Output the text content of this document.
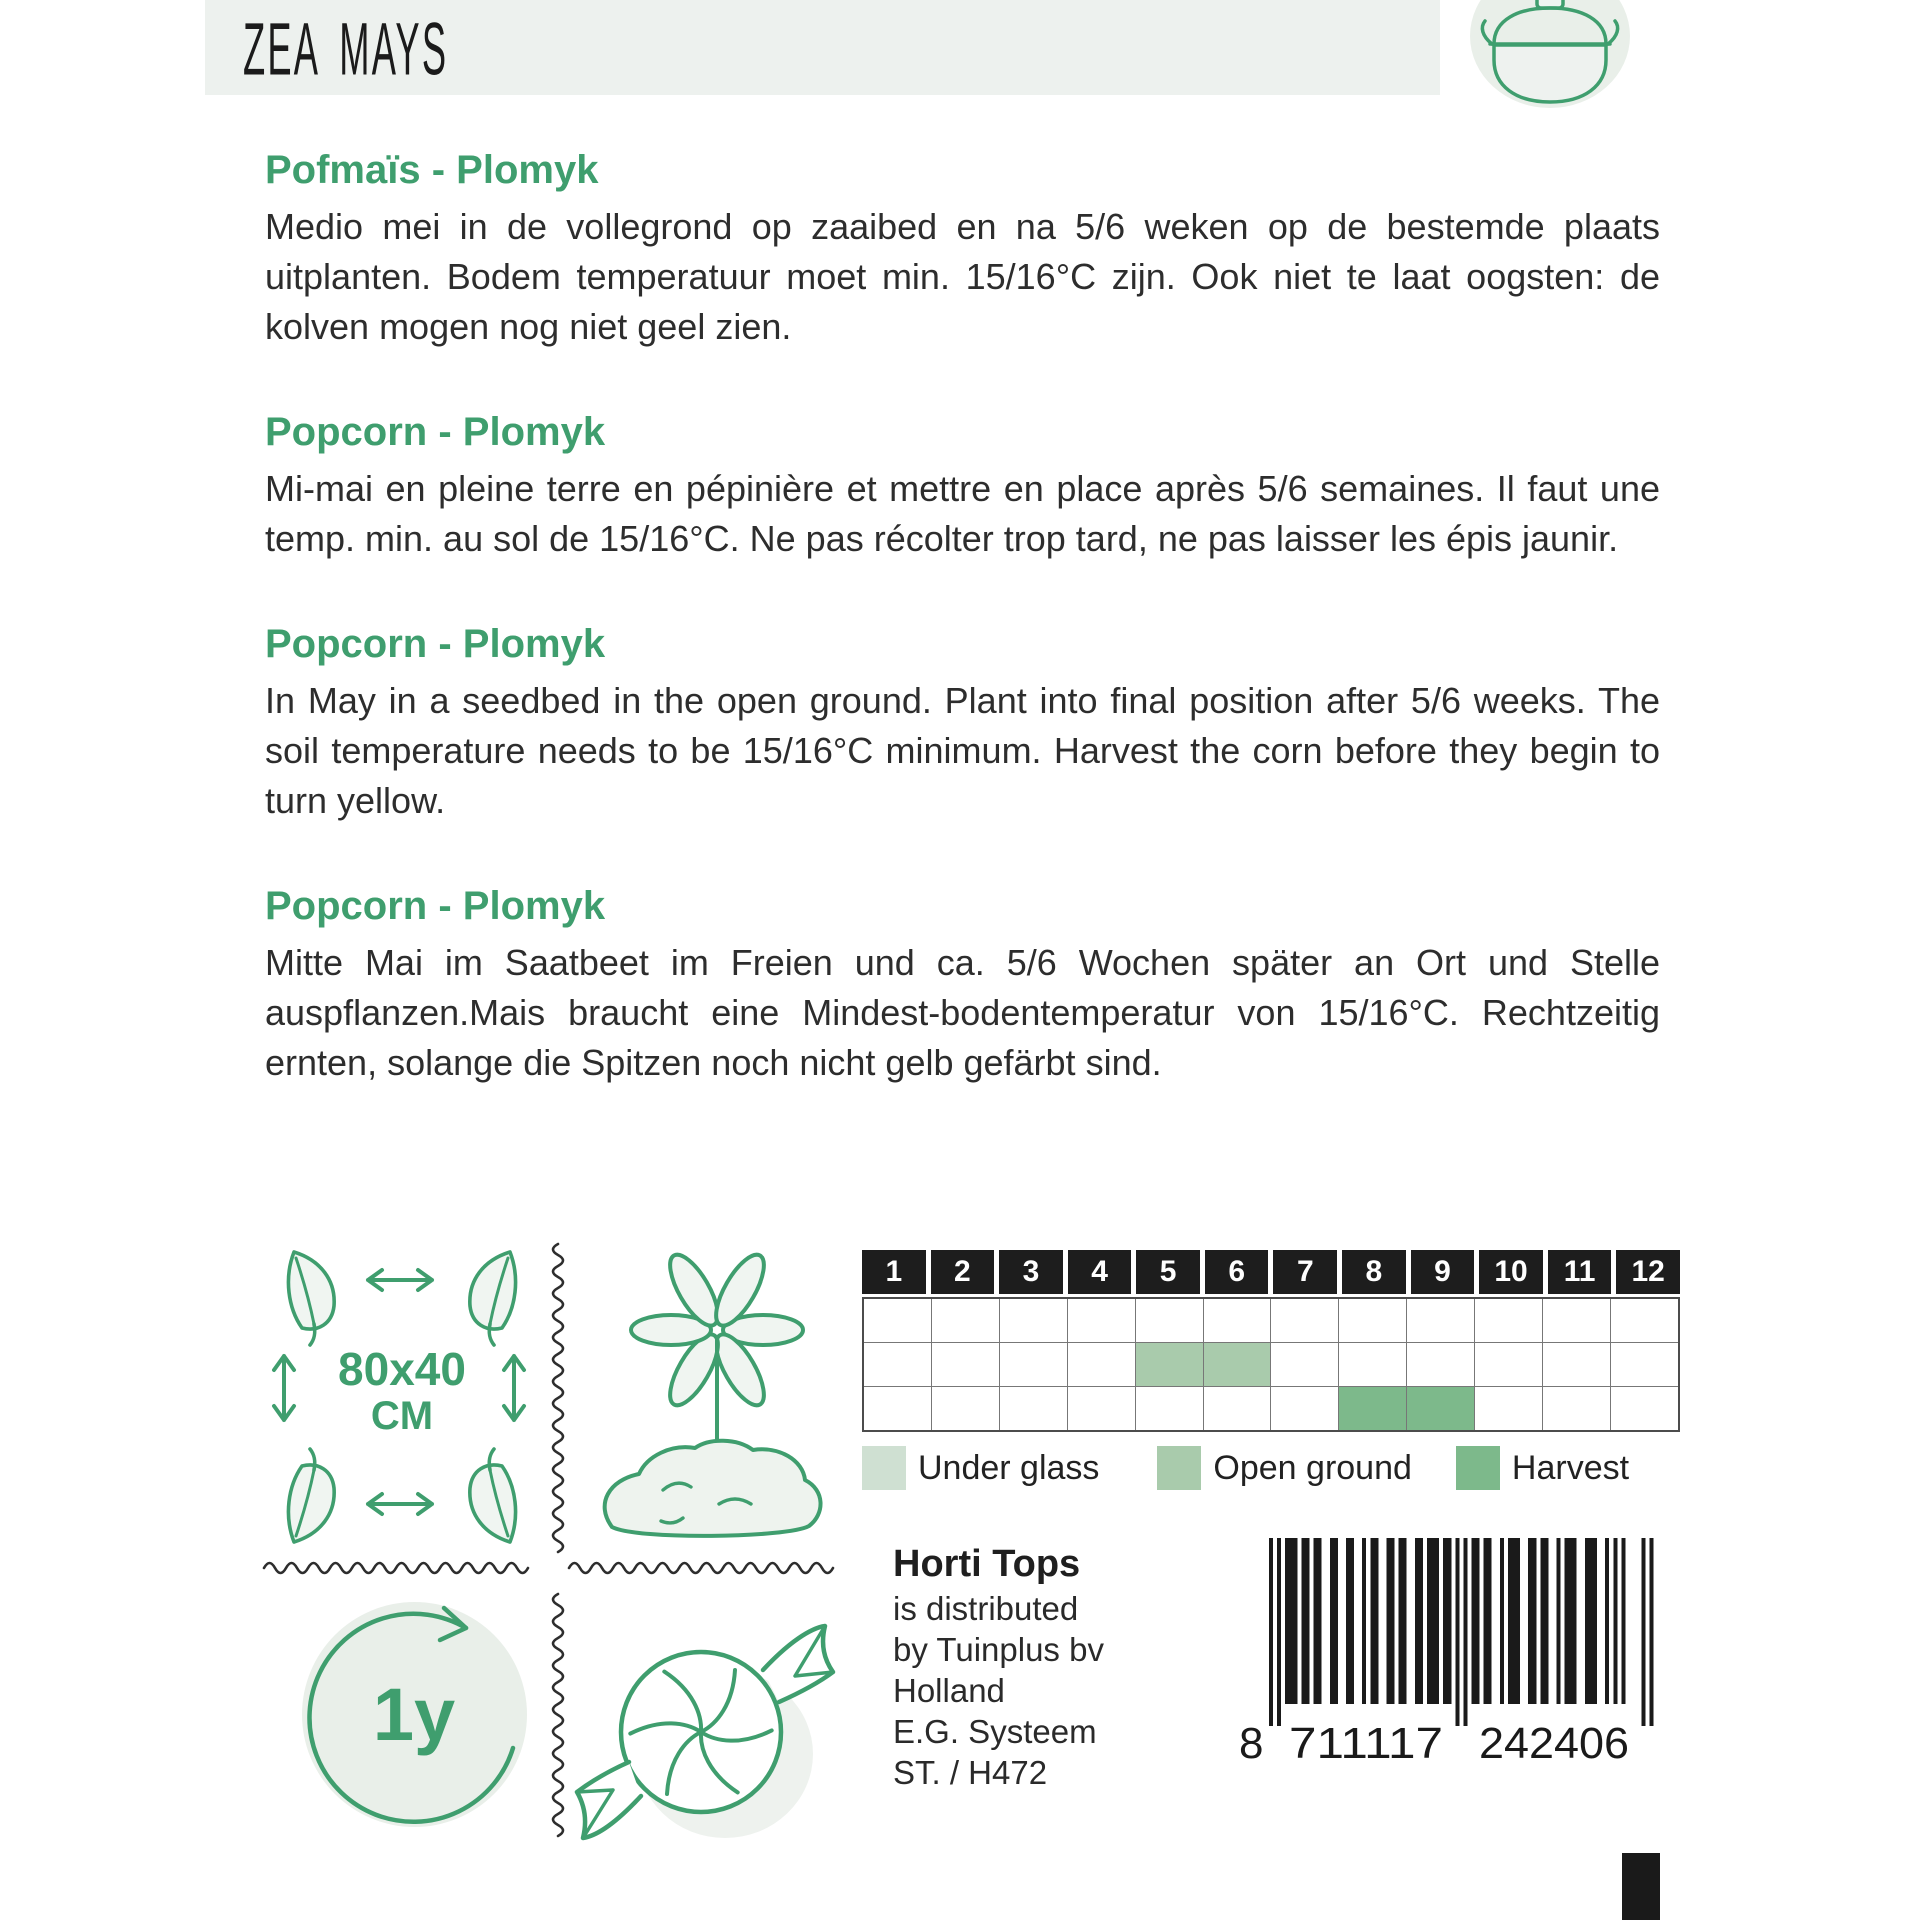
ZEA MAYS
Pofmaïs - Plomyk

Medio mei in de vollegrond op zaaibed en na 5/6 weken op de bestemde plaats uitplanten. Bodem temperatuur moet min. 15/16°C zijn. Ook niet te laat oogsten: de kolven mogen nog niet geel zien.

Popcorn - Plomyk

Mi-mai en pleine terre en pépinière et mettre en place après 5/6 semaines. Il faut une temp. min. au sol de 15/16°C. Ne pas récolter trop tard, ne pas laisser les épis jaunir.

Popcorn - Plomyk

In May in a seedbed in the open ground. Plant into final position after 5/6 weeks. The soil temperature needs to be 15/16°C minimum. Harvest the corn before they begin to turn yellow.

Popcorn - Plomyk

Mitte Mai im Saatbeet im Freien und ca. 5/6 Wochen später an Ort und Stelle auspflanzen.Mais braucht eine Mindest-bodentemperatur von 15/16°C. Rechtzeitig ernten, solange die Spitzen noch nicht gelb gefärbt sind.

80x40
CM
1y
1	2	3	4	5	6	7	8	9	10	11	12
Under glass	Open ground	Harvest
Horti Tops
is distributed
by Tuinplus bv
Holland
E.G. Systeem
ST. / H472
8 711117 242406
